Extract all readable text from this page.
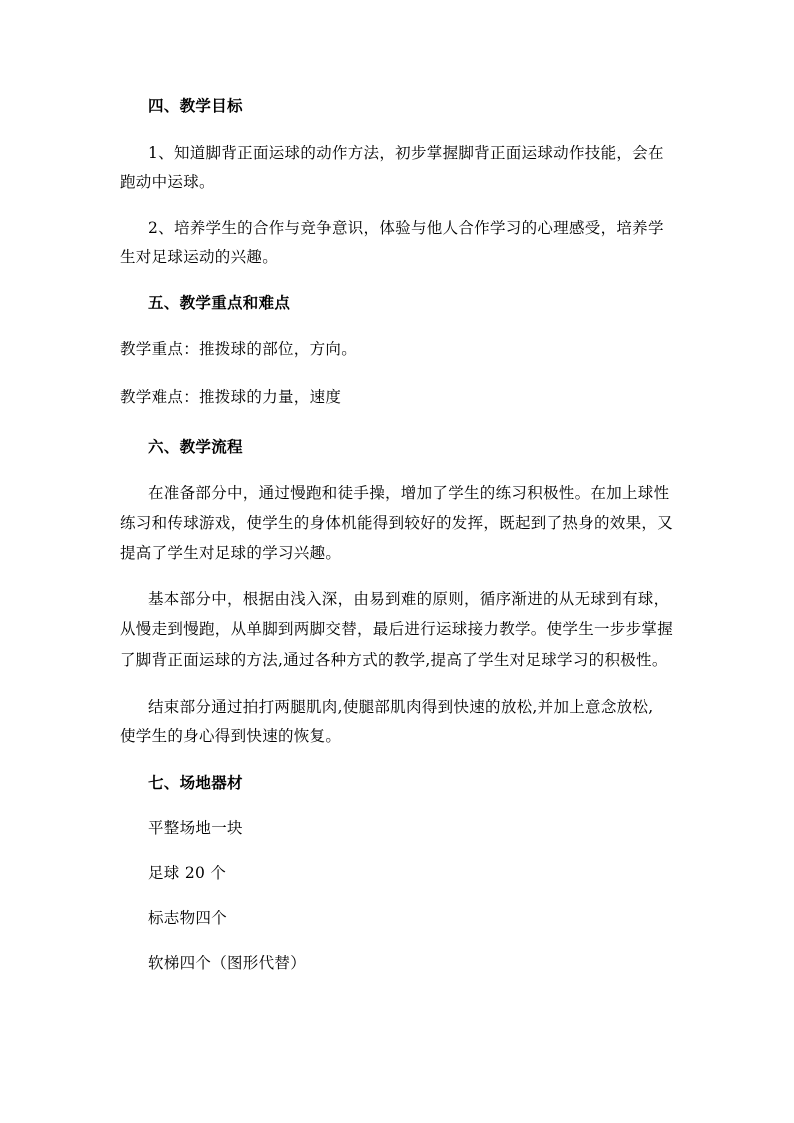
四、教学目标
1、知道脚背正面运球的动作方法，初步掌握脚背正面运球动作技能，会在
跑动中运球。
2、培养学生的合作与竞争意识，体验与他人合作学习的心理感受，培养学
生对足球运动的兴趣。
五、教学重点和难点
教学重点：推拨球的部位，方向。
教学难点：推拨球的力量，速度
六、教学流程
在准备部分中，通过慢跑和徒手操，增加了学生的练习积极性。在加上球性
练习和传球游戏，使学生的身体机能得到较好的发挥，既起到了热身的效果，又
提高了学生对足球的学习兴趣。
基本部分中，根据由浅入深，由易到难的原则，循序渐进的从无球到有球，
从慢走到慢跑，从单脚到两脚交替，最后进行运球接力教学。使学生一步步掌握
了脚背正面运球的方法,通过各种方式的教学,提高了学生对足球学习的积极性。
结束部分通过拍打两腿肌肉,使腿部肌肉得到快速的放松,并加上意念放松,
使学生的身心得到快速的恢复。
七、场地器材
平整场地一块
足球 20 个
标志物四个
软梯四个（图形代替）
